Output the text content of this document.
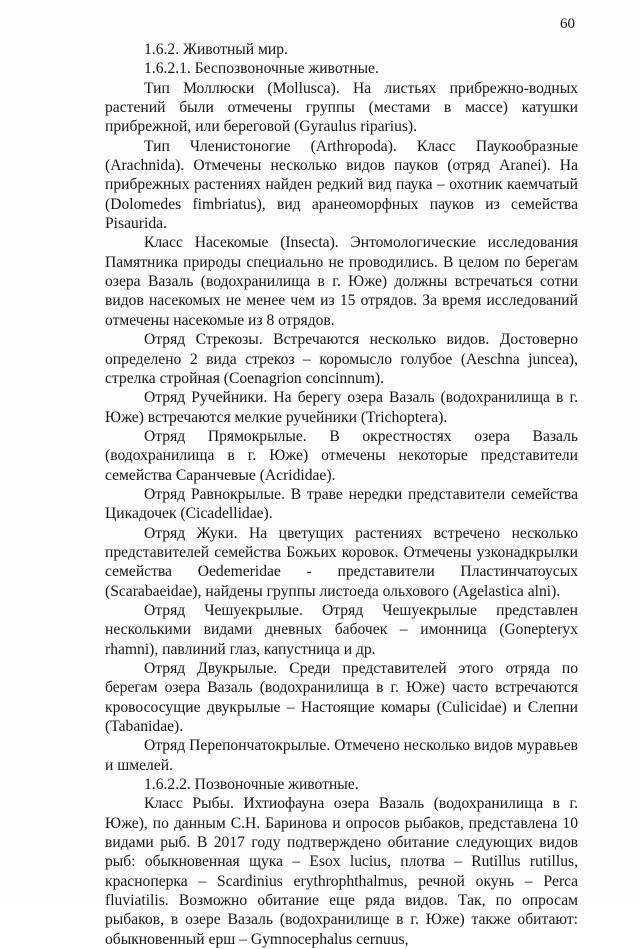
60

1.6.2. Животный мир.

1.6.2.1. Беспозвоночные животные.

Тип Моллюски (Mollusca). На листьях прибрежно-водных растений были отмечены группы (местами в массе) катушки прибрежной, или береговой (Gyraulus riparius).

Тип Членистоногие (Arthropoda). Класс Паукообразные (Arachnida). Отмечены несколько видов пауков (отряд Aranei). На прибрежных растениях найден редкий вид паука – охотник каемчатый (Dolomedes fimbriatus), вид аранеоморфных пауков из семейства Pisaurida.

Класс Насекомые (Insecta). Энтомологические исследования Памятника природы специально не проводились. В целом по берегам озера Вазаль (водохранилища в г. Юже) должны встречаться сотни видов насекомых не менее чем из 15 отрядов. За время исследований отмечены насекомые из 8 отрядов.

Отряд Стрекозы. Встречаются несколько видов. Достоверно определено 2 вида стрекоз – коромысло голубое (Aeschna juncea), стрелка стройная (Coenagrion concinnum).

Отряд Ручейники. На берегу озера Вазаль (водохранилища в г. Юже) встречаются мелкие ручейники (Trichoptera).

Отряд Прямокрылые. В окрестностях озера Вазаль (водохранилища в г. Юже) отмечены некоторые представители семейства Саранчевые (Acrididae).

Отряд Равнокрылые. В траве нередки представители семейства Цикадочек (Cicadellidae).

Отряд Жуки. На цветущих растениях встречено несколько представителей семейства Божьих коровок. Отмечены узконадкрылки семейства Oedemeridae - представители Пластинчатоусых (Scarabaeidae), найдены группы листоеда ольхового (Agelastica alni).

Отряд Чешуекрылые. Отряд Чешуекрылые представлен несколькими видами дневных бабочек – имонница (Gonepteryx rhamni), павлиний глаз, капустница и др.

Отряд Двукрылые. Среди представителей этого отряда по берегам озера Вазаль (водохранилища в г. Юже) часто встречаются кровососущие двукрылые – Настоящие комары (Culicidae) и Слепни (Tabanidae).

Отряд Перепончатокрылые. Отмечено несколько видов муравьев и шмелей.

1.6.2.2. Позвоночные животные.

Класс Рыбы. Ихтиофауна озера Вазаль (водохранилища в г. Юже), по данным С.Н. Баринова и опросов рыбаков, представлена 10 видами рыб. В 2017 году подтверждено обитание следующих видов рыб: обыкновенная щука – Esox lucius, плотва – Rutillus rutillus, красноперка – Scardinius erythrophthalmus, речной окунь – Perca fluviatilis. Возможно обитание еще ряда видов. Так, по опросам рыбаков, в озере Вазаль (водохранилище в г. Юже) также обитают: обыкновенный ерш – Gymnocephalus cernuus,
